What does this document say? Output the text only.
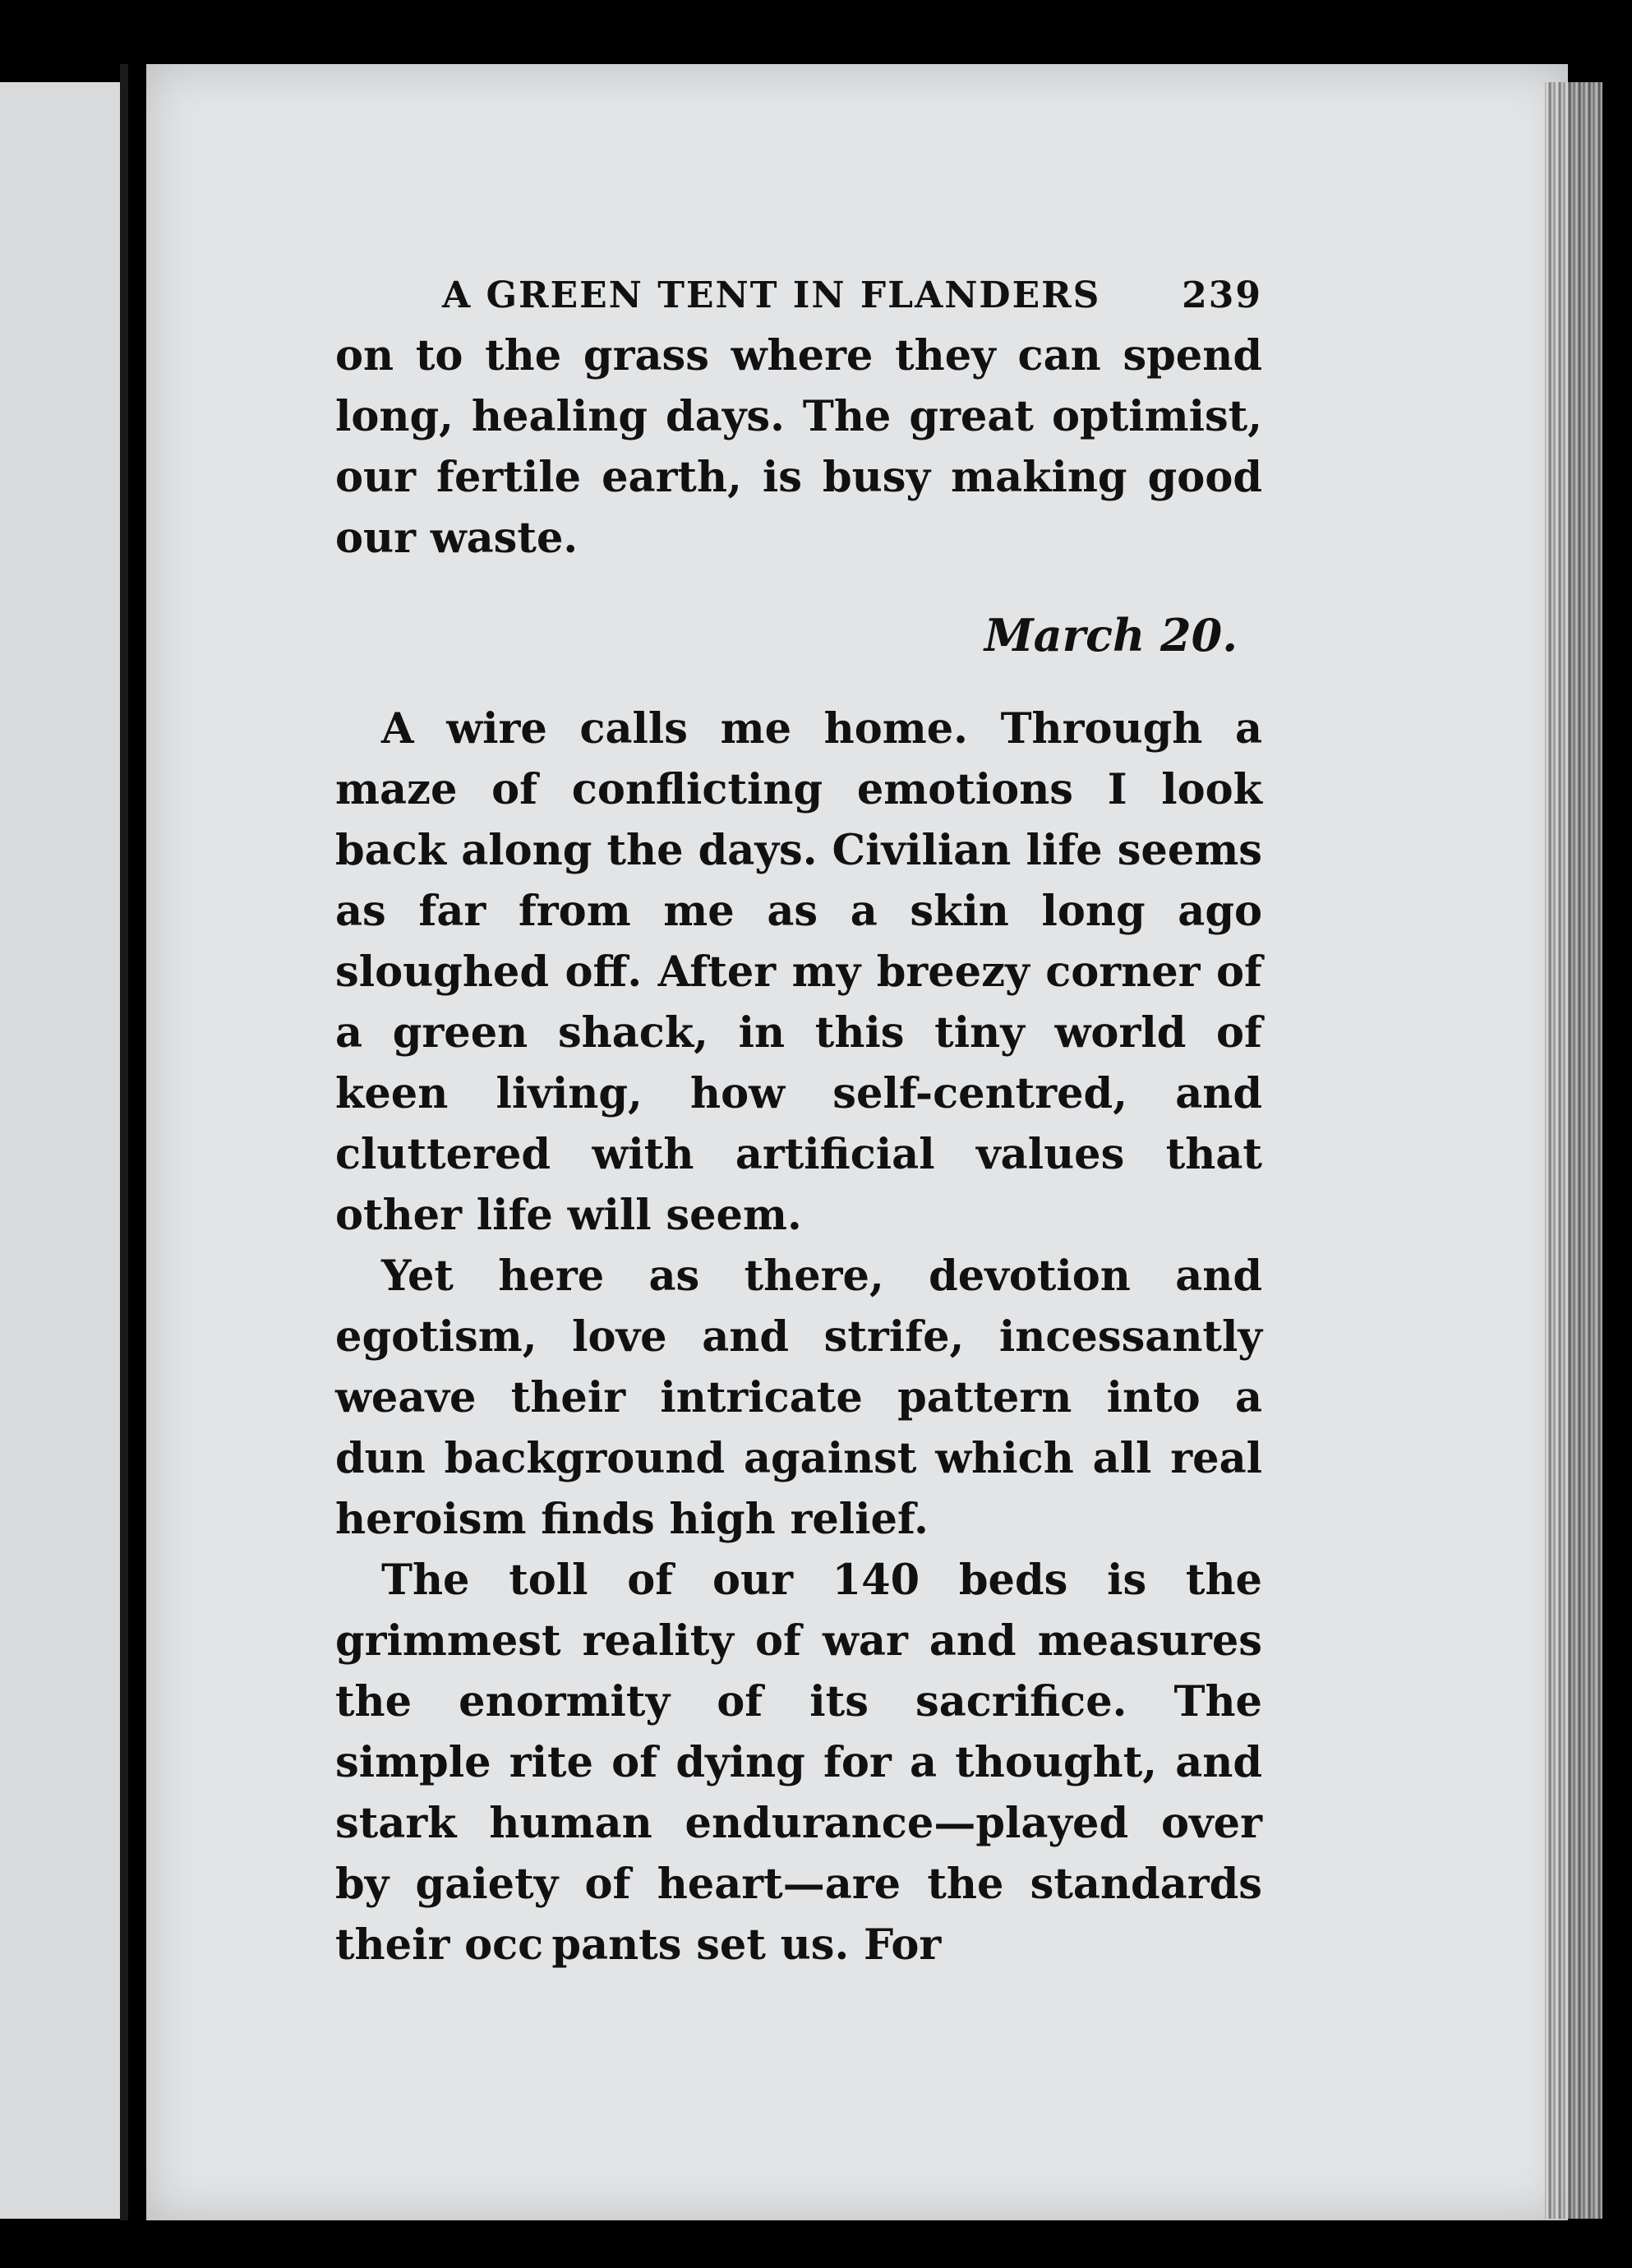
A GREEN TENT IN FLANDERS 239

on to the grass where they can spend long, healing days. The great optimist, our fertile earth, is busy making good our waste.

March 20.

A wire calls me home. Through a maze of conflicting emotions I look back along the days. Civilian life seems as far from me as a skin long ago sloughed off. After my breezy corner of a green shack, in this tiny world of keen living, how self-centred, and cluttered with artificial values that other life will seem.

Yet here as there, devotion and egotism, love and strife, incessantly weave their intricate pattern into a dun background against which all real heroism finds high relief.

The toll of our 140 beds is the grimmest reality of war and measures the enormity of its sacrifice. The simple rite of dying for a thought, and stark human endurance—played over by gaiety of heart—are the standards their occ pants set us. For
